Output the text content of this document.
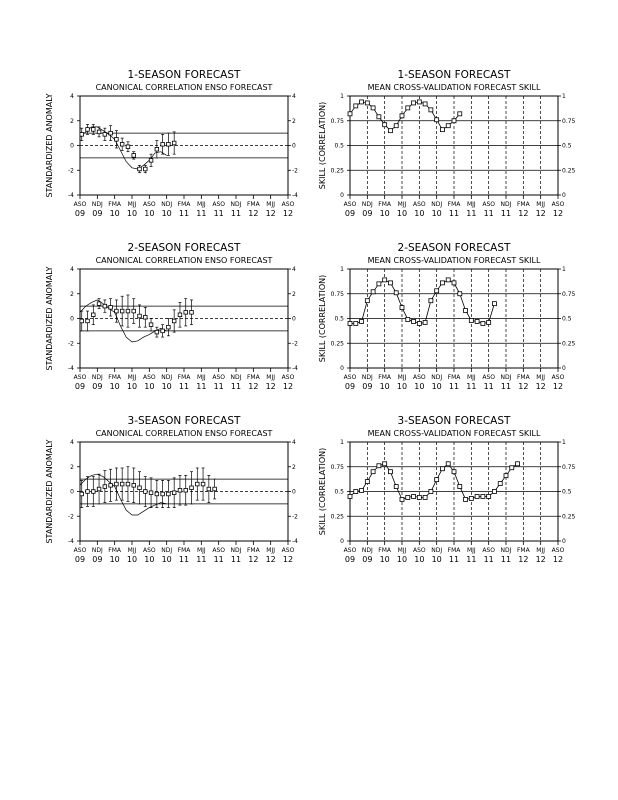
1-SEASON FORECAST
CANONICAL CORRELATION ENSO FORECAST
4
2
0
-2
-4
4
2
0
-2
-4
STANDARDIZED ANOMALY
ASO
09
NDJ
09
FMA
10
MJJ
10
ASO
10
NDJ
10
FMA
11
MJJ
11
ASO
11
NDJ
11
FMA
12
MJJ
12
ASO
12
1-SEASON FORECAST
MEAN CROSS-VALIDATION FORECAST SKILL
1
0.75
0.5
0.25
0
1
0.75
0.5
0.25
0
SKILL (CORRELATION)
ASO
09
NDJ
09
FMA
10
MJJ
10
ASO
10
NDJ
10
FMA
11
MJJ
11
ASO
11
NDJ
11
FMA
12
MJJ
12
ASO
12
2-SEASON FORECAST
CANONICAL CORRELATION ENSO FORECAST
4
2
0
-2
-4
4
2
0
-2
-4
STANDARDIZED ANOMALY
ASO
09
NDJ
09
FMA
10
MJJ
10
ASO
10
NDJ
10
FMA
11
MJJ
11
ASO
11
NDJ
11
FMA
12
MJJ
12
ASO
12
2-SEASON FORECAST
MEAN CROSS-VALIDATION FORECAST SKILL
1
0.75
0.5
0.25
0
1
0.75
0.5
0.25
0
SKILL (CORRELATION)
ASO
09
NDJ
09
FMA
10
MJJ
10
ASO
10
NDJ
10
FMA
11
MJJ
11
ASO
11
NDJ
11
FMA
12
MJJ
12
ASO
12
3-SEASON FORECAST
CANONICAL CORRELATION ENSO FORECAST
4
2
0
-2
-4
4
2
0
-2
-4
STANDARDIZED ANOMALY
ASO
09
NDJ
09
FMA
10
MJJ
10
ASO
10
NDJ
10
FMA
11
MJJ
11
ASO
11
NDJ
11
FMA
12
MJJ
12
ASO
12
3-SEASON FORECAST
MEAN CROSS-VALIDATION FORECAST SKILL
1
0.75
0.5
0.25
0
1
0.75
0.5
0.25
0
SKILL (CORRELATION)
ASO
09
NDJ
09
FMA
10
MJJ
10
ASO
10
NDJ
10
FMA
11
MJJ
11
ASO
11
NDJ
11
FMA
12
MJJ
12
ASO
12
